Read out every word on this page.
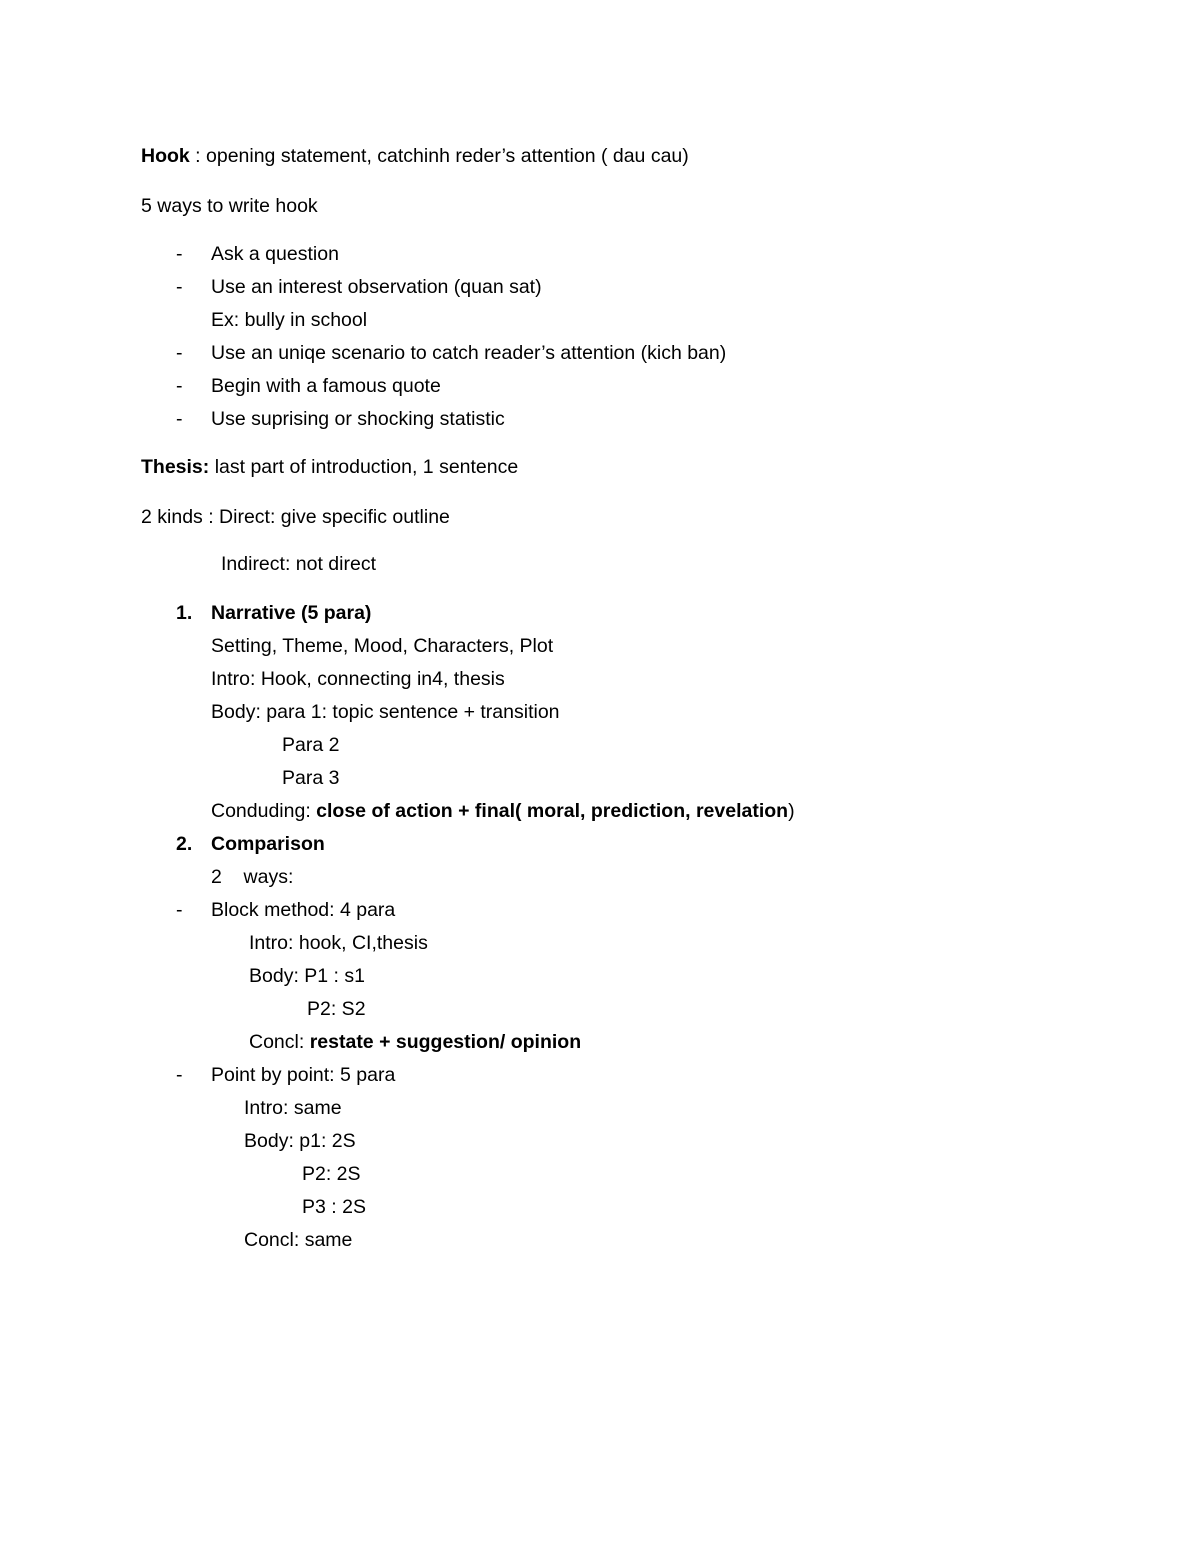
Hook : opening statement, catchinh reder’s attention ( dau cau)
5 ways to write hook
- Ask a question
- Use an interest observation (quan sat)
Ex: bully in school
- Use an uniqe scenario to catch reader’s attention (kich ban)
- Begin with a famous quote
- Use suprising or shocking statistic
Thesis: last part of introduction, 1 sentence
2 kinds : Direct: give specific outline
Indirect: not direct
1. Narrative (5 para)
Setting, Theme, Mood, Characters, Plot
Intro: Hook, connecting in4, thesis
Body: para 1: topic sentence + transition
Para 2
Para 3
Conduding: close of action + final( moral, prediction, revelation)
2. Comparison
2    ways:
- Block method: 4 para
Intro: hook, CI,thesis
Body: P1 : s1
P2: S2
Concl: restate + suggestion/ opinion
- Point by point: 5 para
Intro: same
Body: p1: 2S
P2: 2S
P3 : 2S
Concl: same
